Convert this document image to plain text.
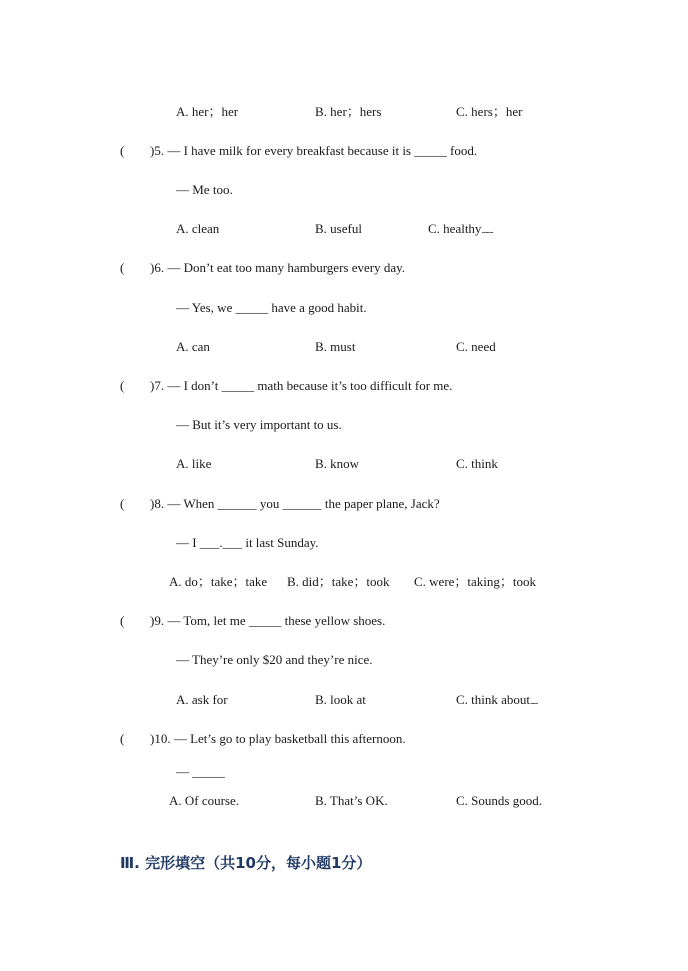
A. her；her	B. her；hers	C. hers；her
( )5. — I have milk for every breakfast because it is _____ food.
— Me too.
A. clean	B. useful	C. healthy.........
( )6. — Don’t eat too many hamburgers every day.
— Yes, we _____ have a good habit.
A. can	B. must	C. need
( )7. — I don’t _____ math because it’s too difficult for me.
— But it’s very important to us.
A. like	B. know	C. think
( )8. — When ______ you ______ the paper plane, Jack?
— I ___.___ it last Sunday.
A. do；take；take B. did；take；took C. were；taking；took
( )9. — Tom, let me _____ these yellow shoes.
— They’re only $20 and they’re nice.
A. ask for	B. look at	C. think about......
( )10. — Let’s go to play basketball this afternoon.
— _____
A. Of course.	B. That’s OK.	C. Sounds good.
Ⅲ. 完形填空（共10分，每小题1分）
